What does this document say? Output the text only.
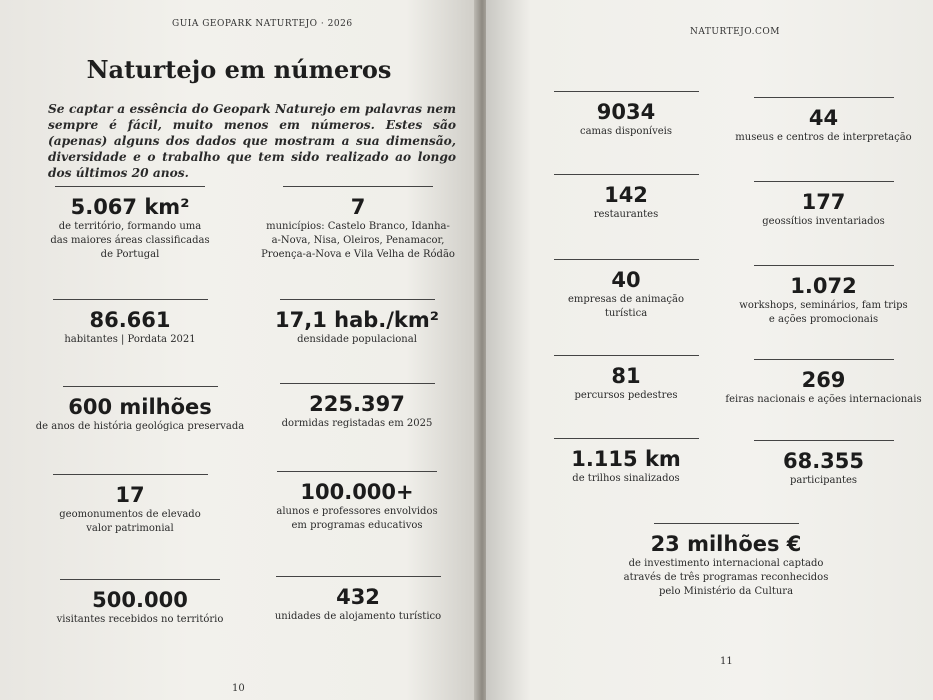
GUIA GEOPARK NATURTEJO · 2026
Naturtejo em números
Se captar a essência do Geopark Naturejo em palavras nem sempre é fácil, muito menos em números. Estes são (apenas) alguns dos dados que mostram a sua dimensão, diversidade e o trabalho que tem sido realizado ao longo dos últimos 20 anos.
5.067 km²
de território, formando uma
das maiores áreas classificadas
de Portugal
7
municípios: Castelo Branco, Idanha-
a-Nova, Nisa, Oleiros, Penamacor,
Proença-a-Nova e Vila Velha de Ródão
86.661
habitantes | Pordata 2021
17,1 hab./km²
densidade populacional
600 milhões
de anos de história geológica preservada
225.397
dormidas registadas em 2025
17
geomonumentos de elevado
valor patrimonial
100.000+
alunos e professores envolvidos
em programas educativos
500.000
visitantes recebidos no território
432
unidades de alojamento turístico
10
NATURTEJO.COM
9034
camas disponíveis
44
museus e centros de interpretação
142
restaurantes
177
geossítios inventariados
40
empresas de animação
turística
1.072
workshops, seminários, fam trips
e ações promocionais
81
percursos pedestres
269
feiras nacionais e ações internacionais
1.115 km
de trilhos sinalizados
68.355
participantes
23 milhões €
de investimento internacional captado
através de três programas reconhecidos
pelo Ministério da Cultura
11
